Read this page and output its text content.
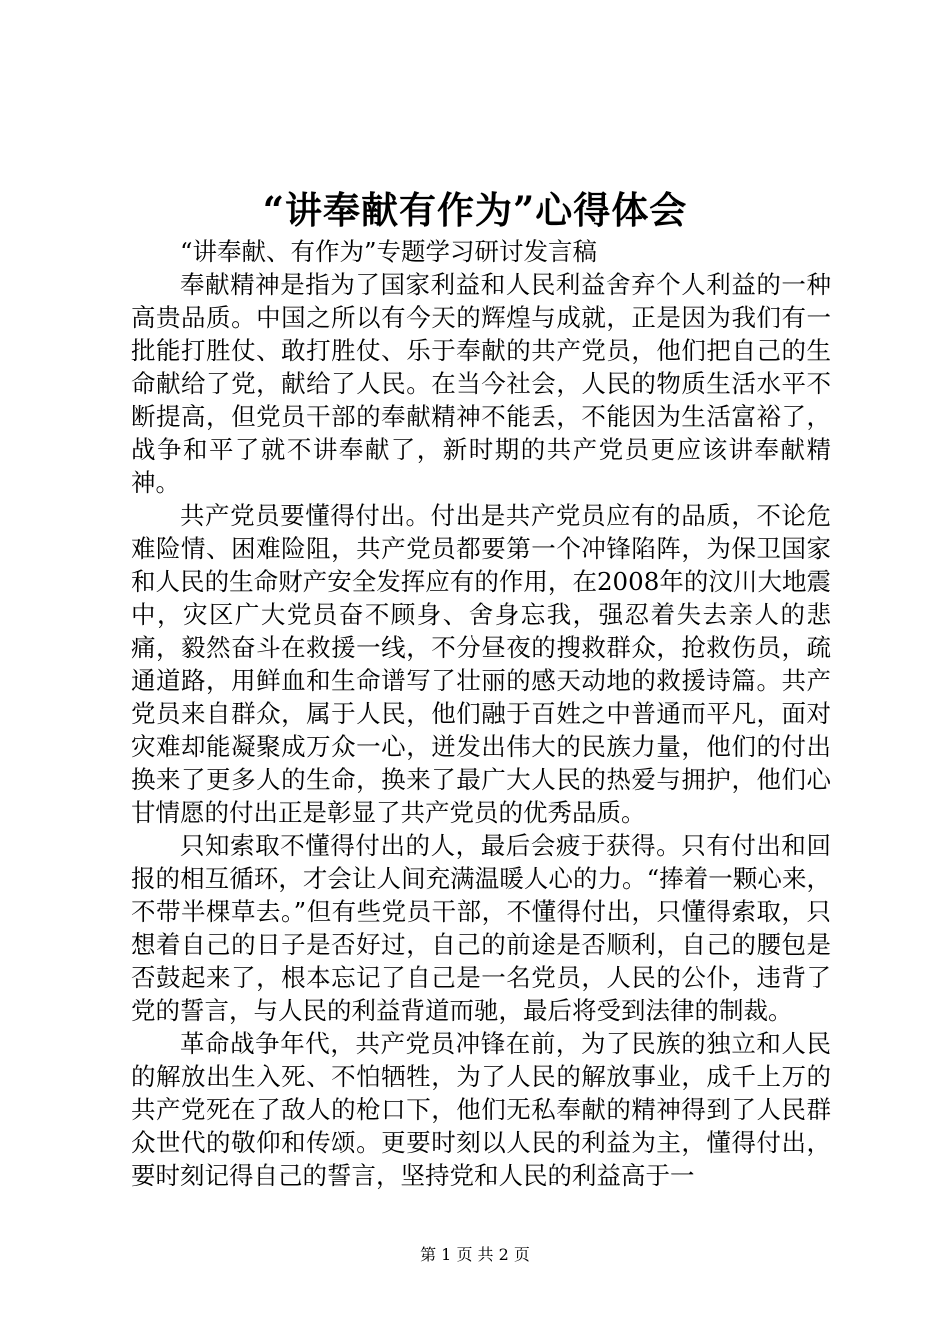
“讲奉献有作为”心得体会

“讲奉献、有作为”专题学习研讨发言稿

奉献精神是指为了国家利益和人民利益舍弃个人利益的一种高贵品质。中国之所以有今天的辉煌与成就，正是因为我们有一批能打胜仗、敢打胜仗、乐于奉献的共产党员，他们把自己的生命献给了党，献给了人民。在当今社会，人民的物质生活水平不断提高，但党员干部的奉献精神不能丢，不能因为生活富裕了，战争和平了就不讲奉献了，新时期的共产党员更应该讲奉献精神。

共产党员要懂得付出。付出是共产党员应有的品质，不论危难险情、困难险阻，共产党员都要第一个冲锋陷阵，为保卫国家和人民的生命财产安全发挥应有的作用，在2008年的汶川大地震中，灾区广大党员奋不顾身、舍身忘我，强忍着失去亲人的悲痛，毅然奋斗在救援一线，不分昼夜的搜救群众，抢救伤员，疏通道路，用鲜血和生命谱写了壮丽的感天动地的救援诗篇。共产党员来自群众，属于人民，他们融于百姓之中普通而平凡，面对灾难却能凝聚成万众一心，迸发出伟大的民族力量，他们的付出换来了更多人的生命，换来了最广大人民的热爱与拥护，他们心甘情愿的付出正是彰显了共产党员的优秀品质。

只知索取不懂得付出的人，最后会疲于获得。只有付出和回报的相互循环，才会让人间充满温暖人心的力。“捧着一颗心来，不带半棵草去。”但有些党员干部，不懂得付出，只懂得索取，只想着自己的日子是否好过，自己的前途是否顺利，自己的腰包是否鼓起来了，根本忘记了自己是一名党员，人民的公仆，违背了党的誓言，与人民的利益背道而驰，最后将受到法律的制裁。

革命战争年代，共产党员冲锋在前，为了民族的独立和人民的解放出生入死、不怕牺牲，为了人民的解放事业，成千上万的共产党死在了敌人的枪口下，他们无私奉献的精神得到了人民群众世代的敬仰和传颂。更要时刻以人民的利益为主，懂得付出，要时刻记得自己的誓言，坚持党和人民的利益高于一

第 1 页 共 2 页
